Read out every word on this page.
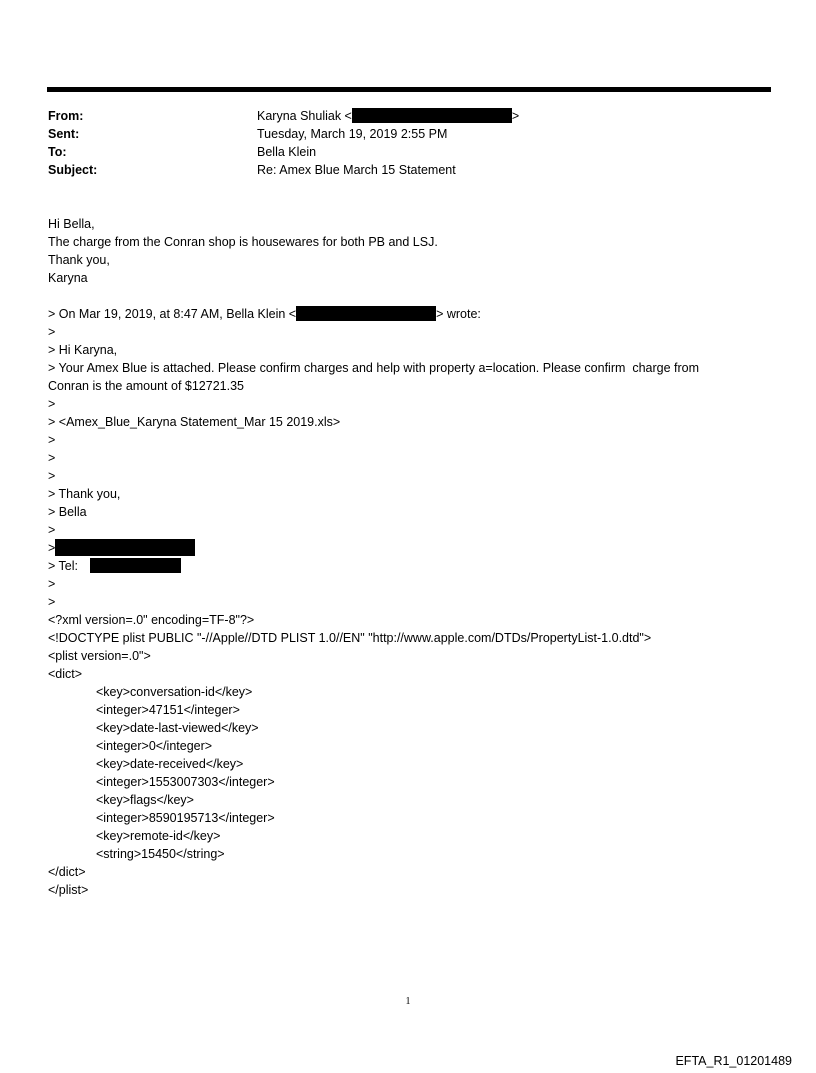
From:	Karyna Shuliak <	>
Sent:	Tuesday, March 19, 2019 2:55 PM
To:	Bella Klein
Subject:	Re: Amex Blue March 15 Statement
Hi Bella,
The charge from the Conran shop is housewares for both PB and LSJ.
Thank you,
Karyna
> On Mar 19, 2019, at 8:47 AM, Bella Klein <	> wrote:
>
> Hi Karyna,
> Your Amex Blue is attached. Please confirm charges and help with property a=location. Please confirm  charge from
Conran is the amount of $12721.35
>
> <Amex_Blue_Karyna Statement_Mar 15 2019.xls>
>
>
>
> Thank you,
> Bella
>
>
> Tel:
>
>
<?xml version=.0" encoding=TF-8"?>
<!DOCTYPE plist PUBLIC "-//Apple//DTD PLIST 1.0//EN" "http://www.apple.com/DTDs/PropertyList-1.0.dtd">
<plist version=.0">
<dict>
<key>conversation-id</key>
<integer>47151</integer>
<key>date-last-viewed</key>
<integer>0</integer>
<key>date-received</key>
<integer>1553007303</integer>
<key>flags</key>
<integer>8590195713</integer>
<key>remote-id</key>
<string>15450</string>
</dict>
</plist>
1
EFTA_R1_01201489
